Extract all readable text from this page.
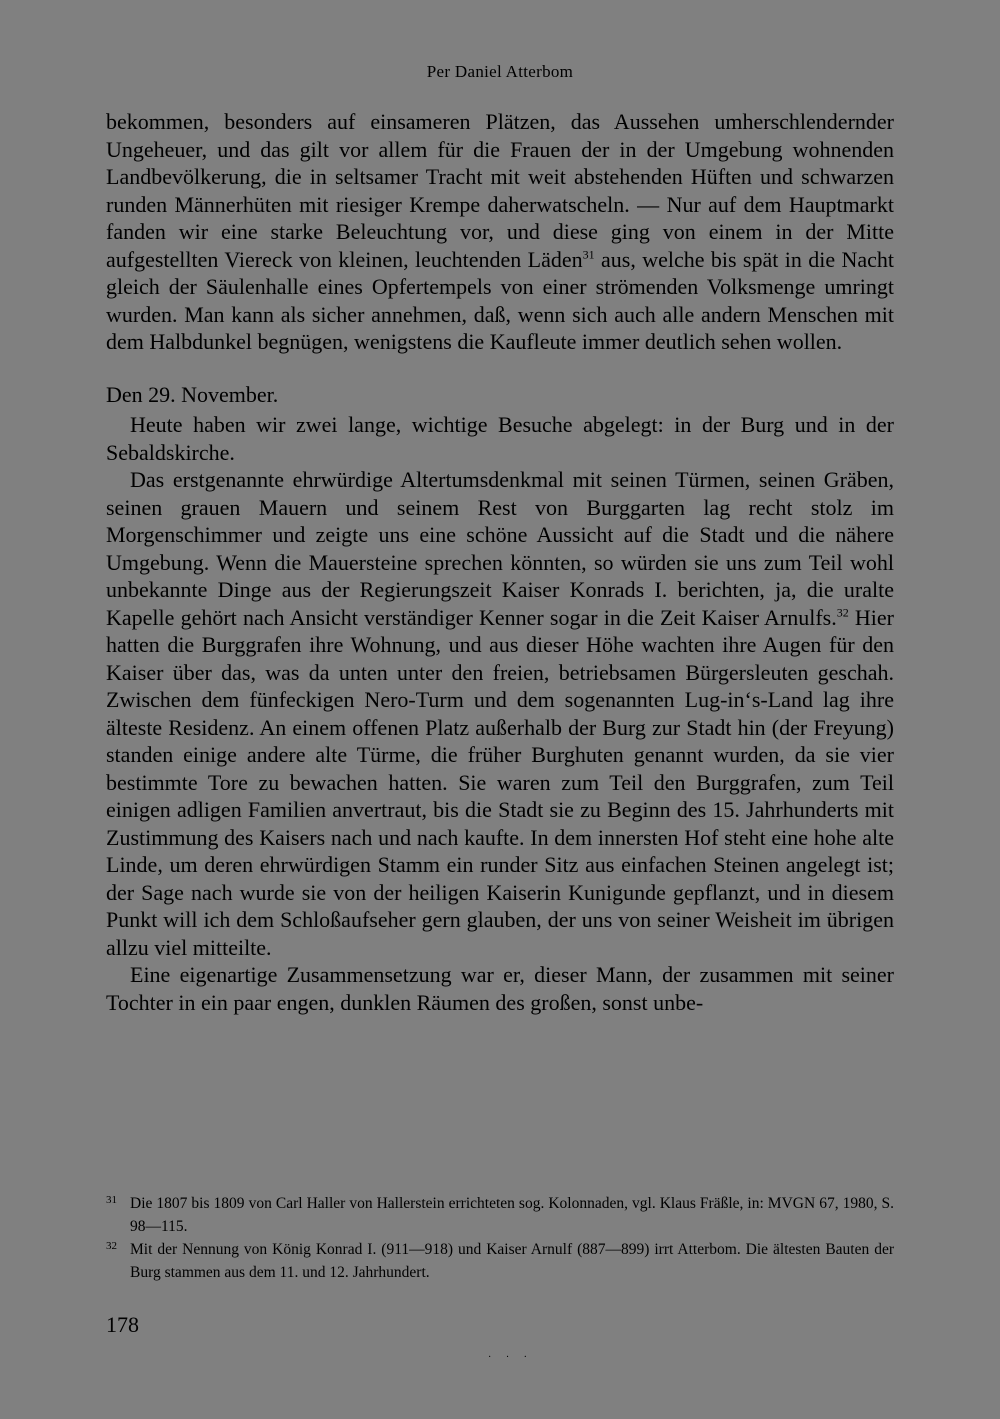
Per Daniel Atterbom

bekommen, besonders auf einsameren Plätzen, das Aussehen umherschlendernder Ungeheuer, und das gilt vor allem für die Frauen der in der Umgebung wohnenden Landbevölkerung, die in seltsamer Tracht mit weit abstehenden Hüften und schwarzen runden Männerhüten mit riesiger Krempe daherwatscheln. — Nur auf dem Hauptmarkt fanden wir eine starke Beleuchtung vor, und diese ging von einem in der Mitte aufgestellten Viereck von kleinen, leuchtenden Läden$^{31}$ aus, welche bis spät in die Nacht gleich der Säulenhalle eines Opfertempels von einer strömenden Volksmenge umringt wurden. Man kann als sicher annehmen, daß, wenn sich auch alle andern Menschen mit dem Halbdunkel begnügen, wenigstens die Kaufleute immer deutlich sehen wollen.

Den 29. November.

Heute haben wir zwei lange, wichtige Besuche abgelegt: in der Burg und in der Sebaldskirche.

Das erstgenannte ehrwürdige Altertumsdenkmal mit seinen Türmen, seinen Gräben, seinen grauen Mauern und seinem Rest von Burggarten lag recht stolz im Morgenschimmer und zeigte uns eine schöne Aussicht auf die Stadt und die nähere Umgebung. Wenn die Mauersteine sprechen könnten, so würden sie uns zum Teil wohl unbekannte Dinge aus der Regierungszeit Kaiser Konrads I. berichten, ja, die uralte Kapelle gehört nach Ansicht verständiger Kenner sogar in die Zeit Kaiser Arnulfs.$^{32}$ Hier hatten die Burggrafen ihre Wohnung, und aus dieser Höhe wachten ihre Augen für den Kaiser über das, was da unten unter den freien, betriebsamen Bürgersleuten geschah. Zwischen dem fünfeckigen Nero-Turm und dem sogenannten Lug-in‘s-Land lag ihre älteste Residenz. An einem offenen Platz außerhalb der Burg zur Stadt hin (der Freyung) standen einige andere alte Türme, die früher Burghuten genannt wurden, da sie vier bestimmte Tore zu bewachen hatten. Sie waren zum Teil den Burggrafen, zum Teil einigen adligen Familien anvertraut, bis die Stadt sie zu Beginn des 15. Jahrhunderts mit Zustimmung des Kaisers nach und nach kaufte. In dem innersten Hof steht eine hohe alte Linde, um deren ehrwürdigen Stamm ein runder Sitz aus einfachen Steinen angelegt ist; der Sage nach wurde sie von der heiligen Kaiserin Kunigunde gepflanzt, und in diesem Punkt will ich dem Schloßaufseher gern glauben, der uns von seiner Weisheit im übrigen allzu viel mitteilte.

Eine eigenartige Zusammensetzung war er, dieser Mann, der zusammen mit seiner Tochter in ein paar engen, dunklen Räumen des großen, sonst unbe-

31 Die 1807 bis 1809 von Carl Haller von Hallerstein errichteten sog. Kolonnaden, vgl. Klaus Fräßle, in: MVGN 67, 1980, S. 98—115.
32 Mit der Nennung von König Konrad I. (911—918) und Kaiser Arnulf (887—899) irrt Atterbom. Die ältesten Bauten der Burg stammen aus dem 11. und 12. Jahrhundert.
178
· · ·
